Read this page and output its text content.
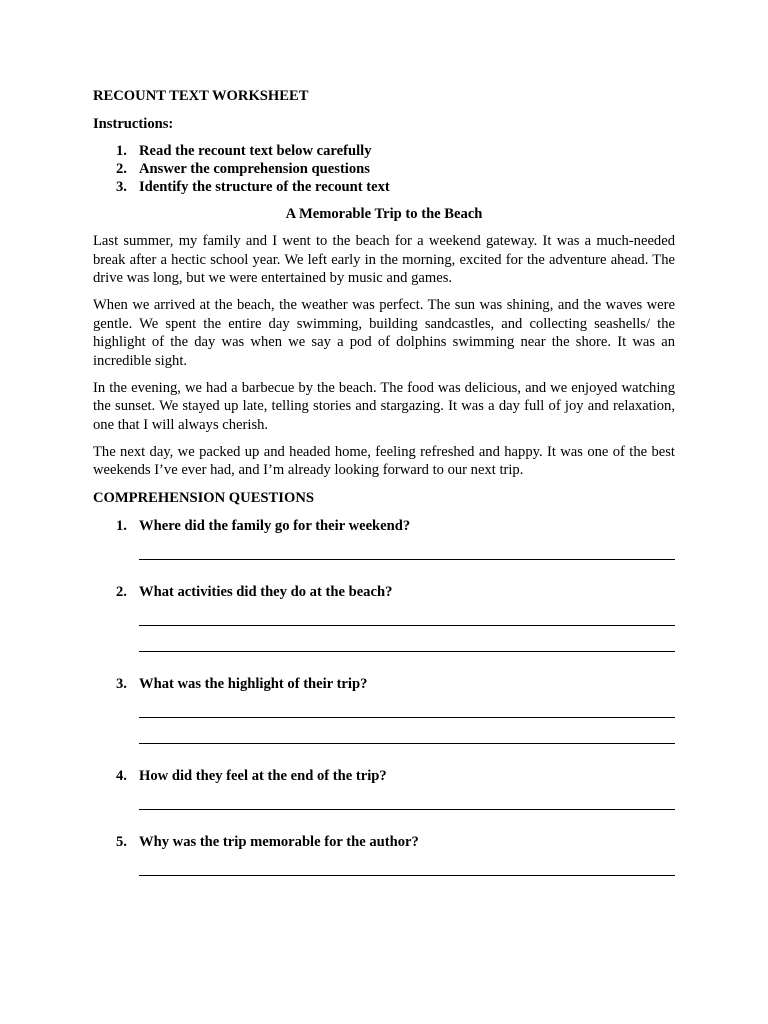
RECOUNT TEXT WORKSHEET

Instructions:

1. Read the recount text below carefully
2. Answer the comprehension questions
3. Identify the structure of the recount text

A Memorable Trip to the Beach

Last summer, my family and I went to the beach for a weekend gateway. It was a much-needed break after a hectic school year. We left early in the morning, excited for the adventure ahead. The drive was long, but we were entertained by music and games.

When we arrived at the beach, the weather was perfect. The sun was shining, and the waves were gentle. We spent the entire day swimming, building sandcastles, and collecting seashells/ the highlight of the day was when we say a pod of dolphins swimming near the shore. It was an incredible sight.

In the evening, we had a barbecue by the beach. The food was delicious, and we enjoyed watching the sunset. We stayed up late, telling stories and stargazing. It was a day full of joy and relaxation, one that I will always cherish.

The next day, we packed up and headed home, feeling refreshed and happy. It was one of the best weekends I’ve ever had, and I’m already looking forward to our next trip.

COMPREHENSION QUESTIONS

1. Where did the family go for their weekend?
2. What activities did they do at the beach?
3. What was the highlight of their trip?
4. How did they feel at the end of the trip?
5. Why was the trip memorable for the author?
